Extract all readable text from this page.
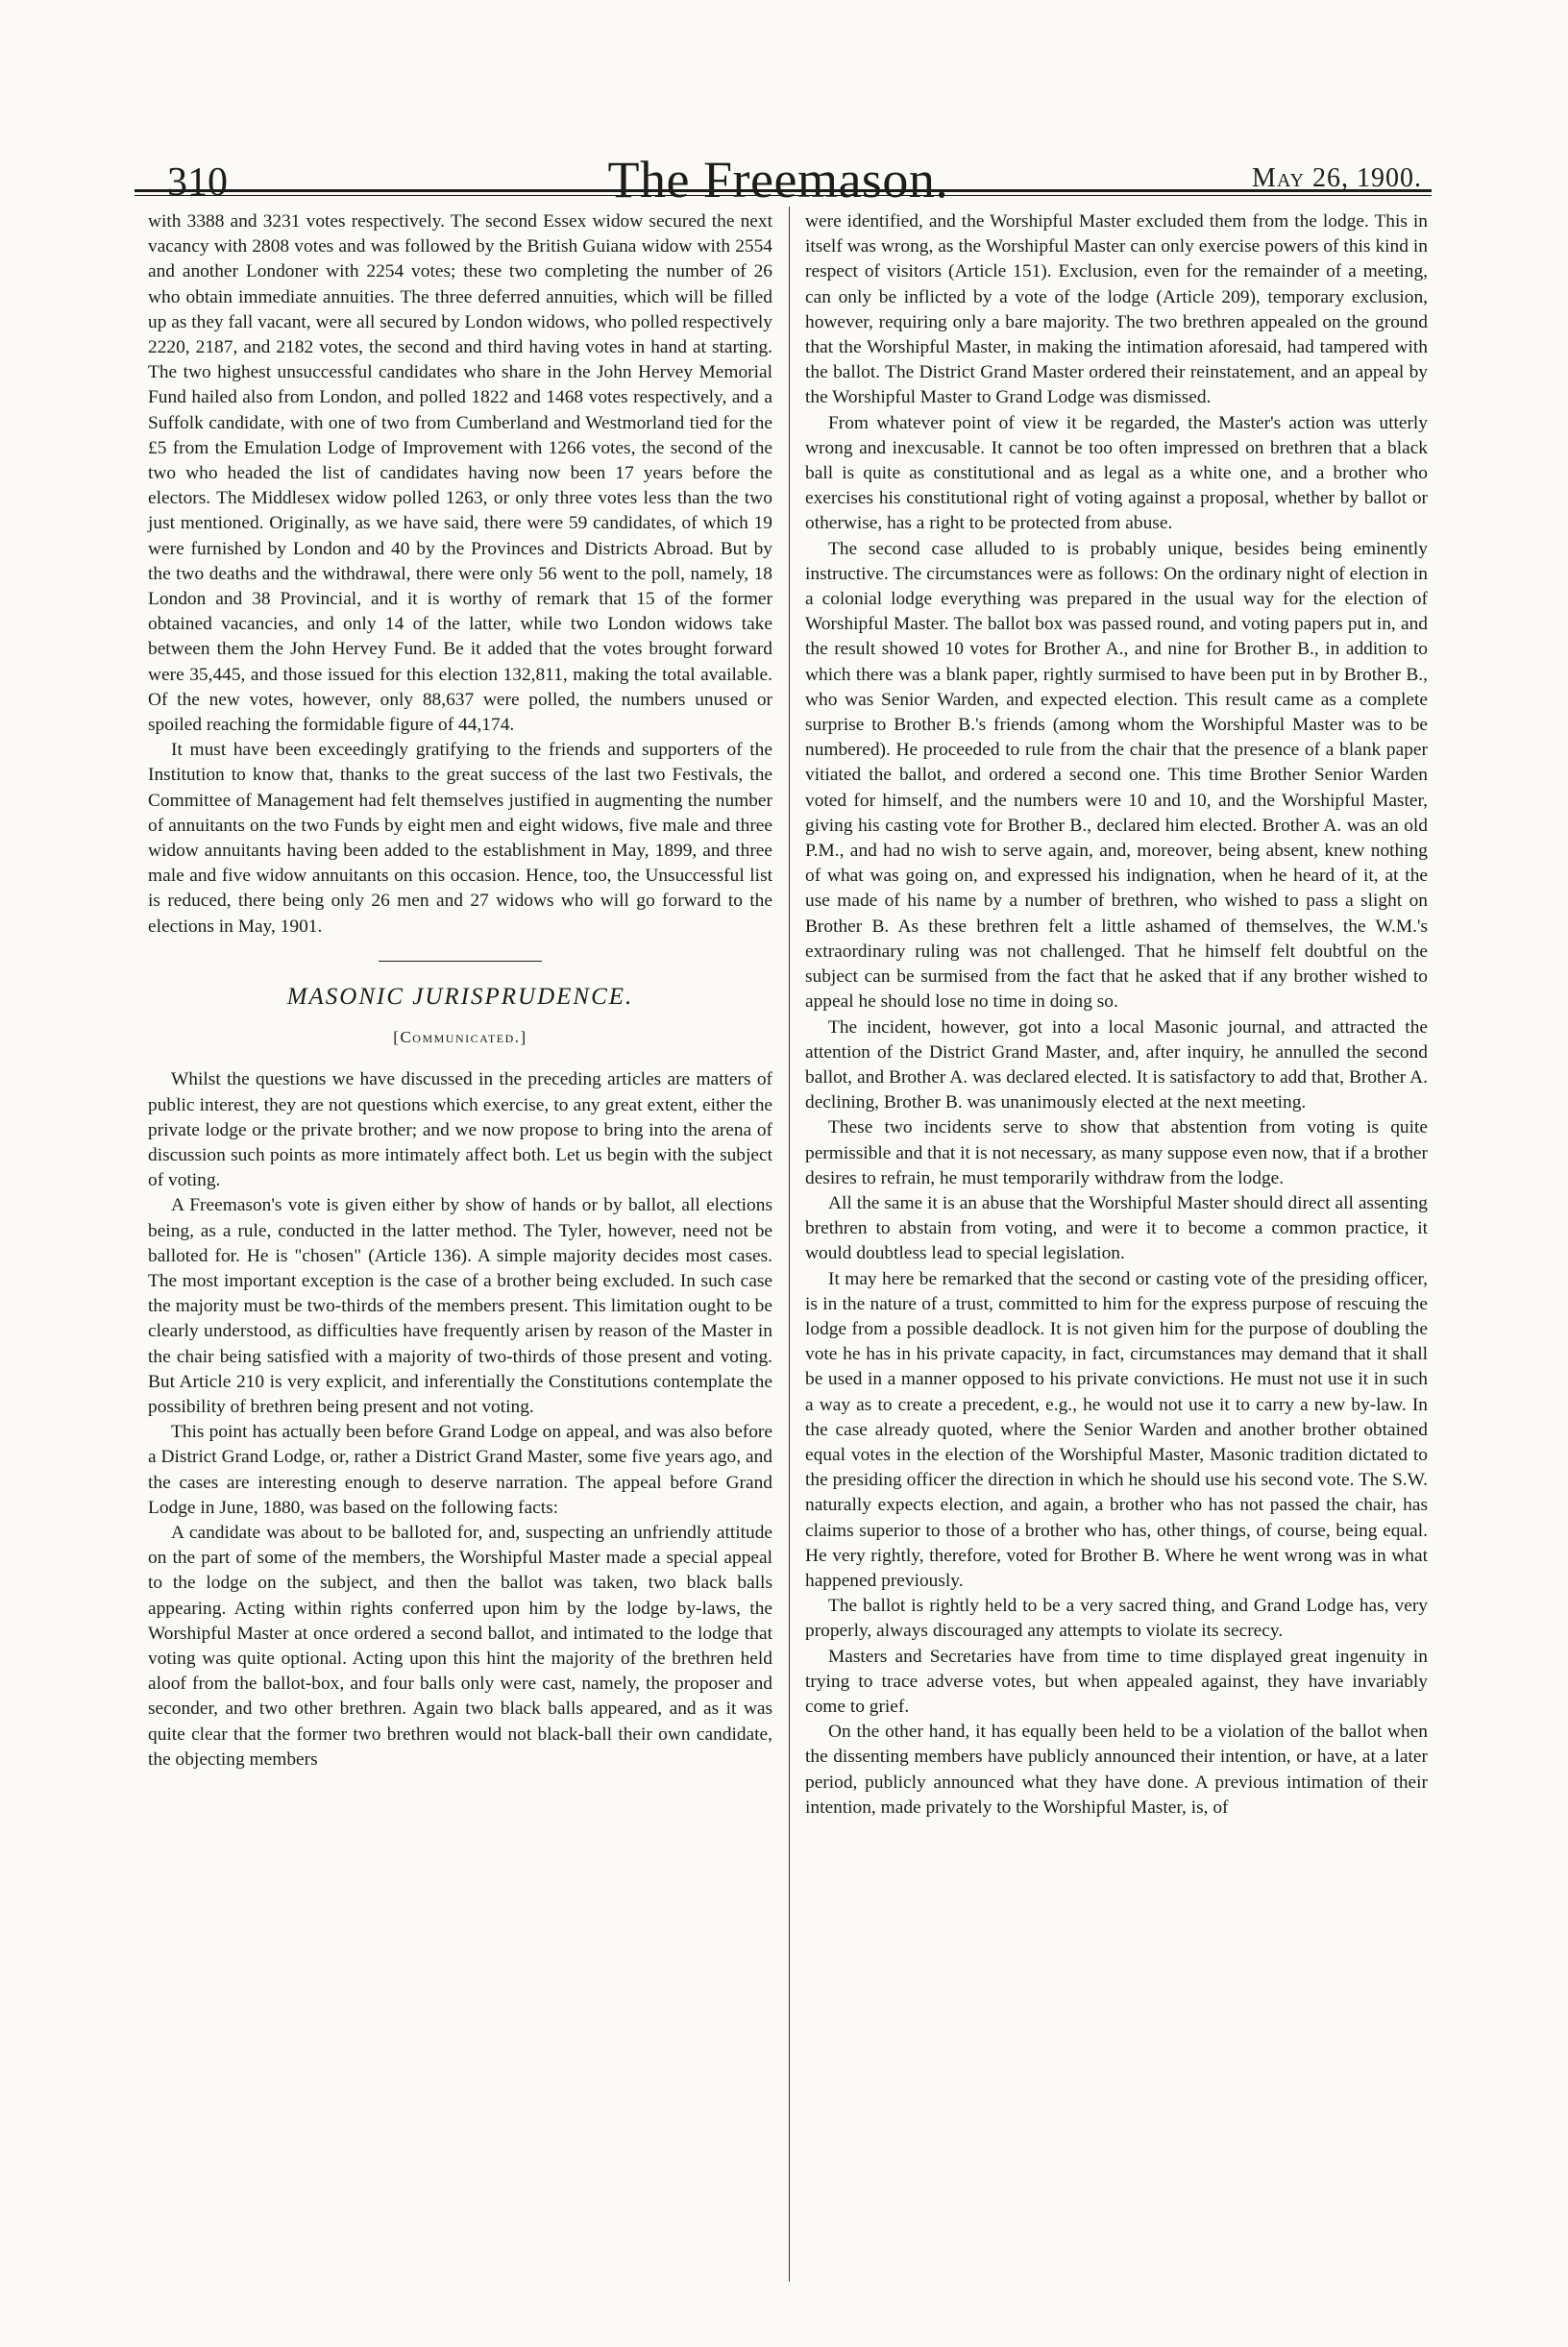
310	The Freemason.	May 26, 1900.

with 3388 and 3231 votes respectively. The second Essex widow secured the next vacancy with 2808 votes and was followed by the British Guiana widow with 2554 and another Londoner with 2254 votes; these two completing the number of 26 who obtain immediate annuities. The three deferred annuities, which will be filled up as they fall vacant, were all secured by London widows, who polled respectively 2220, 2187, and 2182 votes, the second and third having votes in hand at starting. The two highest unsuccessful candidates who share in the John Hervey Memorial Fund hailed also from London, and polled 1822 and 1468 votes respectively, and a Suffolk candidate, with one of two from Cumberland and Westmorland tied for the £5 from the Emulation Lodge of Improvement with 1266 votes, the second of the two who headed the list of candidates having now been 17 years before the electors. The Middlesex widow polled 1263, or only three votes less than the two just mentioned. Originally, as we have said, there were 59 candidates, of which 19 were furnished by London and 40 by the Provinces and Districts Abroad. But by the two deaths and the withdrawal, there were only 56 went to the poll, namely, 18 London and 38 Provincial, and it is worthy of remark that 15 of the former obtained vacancies, and only 14 of the latter, while two London widows take between them the John Hervey Fund. Be it added that the votes brought forward were 35,445, and those issued for this election 132,811, making the total available. Of the new votes, however, only 88,637 were polled, the numbers unused or spoiled reaching the formidable figure of 44,174.

It must have been exceedingly gratifying to the friends and supporters of the Institution to know that, thanks to the great success of the last two Festivals, the Committee of Management had felt themselves justified in augmenting the number of annuitants on the two Funds by eight men and eight widows, five male and three widow annuitants having been added to the establishment in May, 1899, and three male and five widow annuitants on this occasion. Hence, too, the Unsuccessful list is reduced, there being only 26 men and 27 widows who will go forward to the elections in May, 1901.

MASONIC JURISPRUDENCE.
[Communicated.]

Whilst the questions we have discussed in the preceding articles are matters of public interest, they are not questions which exercise, to any great extent, either the private lodge or the private brother; and we now propose to bring into the arena of discussion such points as more intimately affect both. Let us begin with the subject of voting.

A Freemason's vote is given either by show of hands or by ballot, all elections being, as a rule, conducted in the latter method. The Tyler, however, need not be balloted for. He is "chosen" (Article 136). A simple majority decides most cases. The most important exception is the case of a brother being excluded. In such case the majority must be two-thirds of the members present. This limitation ought to be clearly understood, as difficulties have frequently arisen by reason of the Master in the chair being satisfied with a majority of two-thirds of those present and voting. But Article 210 is very explicit, and inferentially the Constitutions contemplate the possibility of brethren being present and not voting.

This point has actually been before Grand Lodge on appeal, and was also before a District Grand Lodge, or, rather a District Grand Master, some five years ago, and the cases are interesting enough to deserve narration. The appeal before Grand Lodge in June, 1880, was based on the following facts:

A candidate was about to be balloted for, and, suspecting an unfriendly attitude on the part of some of the members, the Worshipful Master made a special appeal to the lodge on the subject, and then the ballot was taken, two black balls appearing. Acting within rights conferred upon him by the lodge by-laws, the Worshipful Master at once ordered a second ballot, and intimated to the lodge that voting was quite optional. Acting upon this hint the majority of the brethren held aloof from the ballot-box, and four balls only were cast, namely, the proposer and seconder, and two other brethren. Again two black balls appeared, and as it was quite clear that the former two brethren would not black-ball their own candidate, the objecting members

were identified, and the Worshipful Master excluded them from the lodge. This in itself was wrong, as the Worshipful Master can only exercise powers of this kind in respect of visitors (Article 151). Exclusion, even for the remainder of a meeting, can only be inflicted by a vote of the lodge (Article 209), temporary exclusion, however, requiring only a bare majority. The two brethren appealed on the ground that the Worshipful Master, in making the intimation aforesaid, had tampered with the ballot. The District Grand Master ordered their reinstatement, and an appeal by the Worshipful Master to Grand Lodge was dismissed.

From whatever point of view it be regarded, the Master's action was utterly wrong and inexcusable. It cannot be too often impressed on brethren that a black ball is quite as constitutional and as legal as a white one, and a brother who exercises his constitutional right of voting against a proposal, whether by ballot or otherwise, has a right to be protected from abuse.

The second case alluded to is probably unique, besides being eminently instructive. The circumstances were as follows: On the ordinary night of election in a colonial lodge everything was prepared in the usual way for the election of Worshipful Master. The ballot box was passed round, and voting papers put in, and the result showed 10 votes for Brother A., and nine for Brother B., in addition to which there was a blank paper, rightly surmised to have been put in by Brother B., who was Senior Warden, and expected election. This result came as a complete surprise to Brother B.'s friends (among whom the Worshipful Master was to be numbered). He proceeded to rule from the chair that the presence of a blank paper vitiated the ballot, and ordered a second one. This time Brother Senior Warden voted for himself, and the numbers were 10 and 10, and the Worshipful Master, giving his casting vote for Brother B., declared him elected. Brother A. was an old P.M., and had no wish to serve again, and, moreover, being absent, knew nothing of what was going on, and expressed his indignation, when he heard of it, at the use made of his name by a number of brethren, who wished to pass a slight on Brother B. As these brethren felt a little ashamed of themselves, the W.M.'s extraordinary ruling was not challenged. That he himself felt doubtful on the subject can be surmised from the fact that he asked that if any brother wished to appeal he should lose no time in doing so.

The incident, however, got into a local Masonic journal, and attracted the attention of the District Grand Master, and, after inquiry, he annulled the second ballot, and Brother A. was declared elected. It is satisfactory to add that, Brother A. declining, Brother B. was unanimously elected at the next meeting.

These two incidents serve to show that abstention from voting is quite permissible and that it is not necessary, as many suppose even now, that if a brother desires to refrain, he must temporarily withdraw from the lodge.

All the same it is an abuse that the Worshipful Master should direct all assenting brethren to abstain from voting, and were it to become a common practice, it would doubtless lead to special legislation.

It may here be remarked that the second or casting vote of the presiding officer, is in the nature of a trust, committed to him for the express purpose of rescuing the lodge from a possible deadlock. It is not given him for the purpose of doubling the vote he has in his private capacity, in fact, circumstances may demand that it shall be used in a manner opposed to his private convictions. He must not use it in such a way as to create a precedent, e.g., he would not use it to carry a new by-law. In the case already quoted, where the Senior Warden and another brother obtained equal votes in the election of the Worshipful Master, Masonic tradition dictated to the presiding officer the direction in which he should use his second vote. The S.W. naturally expects election, and again, a brother who has not passed the chair, has claims superior to those of a brother who has, other things, of course, being equal. He very rightly, therefore, voted for Brother B. Where he went wrong was in what happened previously.

The ballot is rightly held to be a very sacred thing, and Grand Lodge has, very properly, always discouraged any attempts to violate its secrecy.

Masters and Secretaries have from time to time displayed great ingenuity in trying to trace adverse votes, but when appealed against, they have invariably come to grief.

On the other hand, it has equally been held to be a violation of the ballot when the dissenting members have publicly announced their intention, or have, at a later period, publicly announced what they have done. A previous intimation of their intention, made privately to the Worshipful Master, is, of
